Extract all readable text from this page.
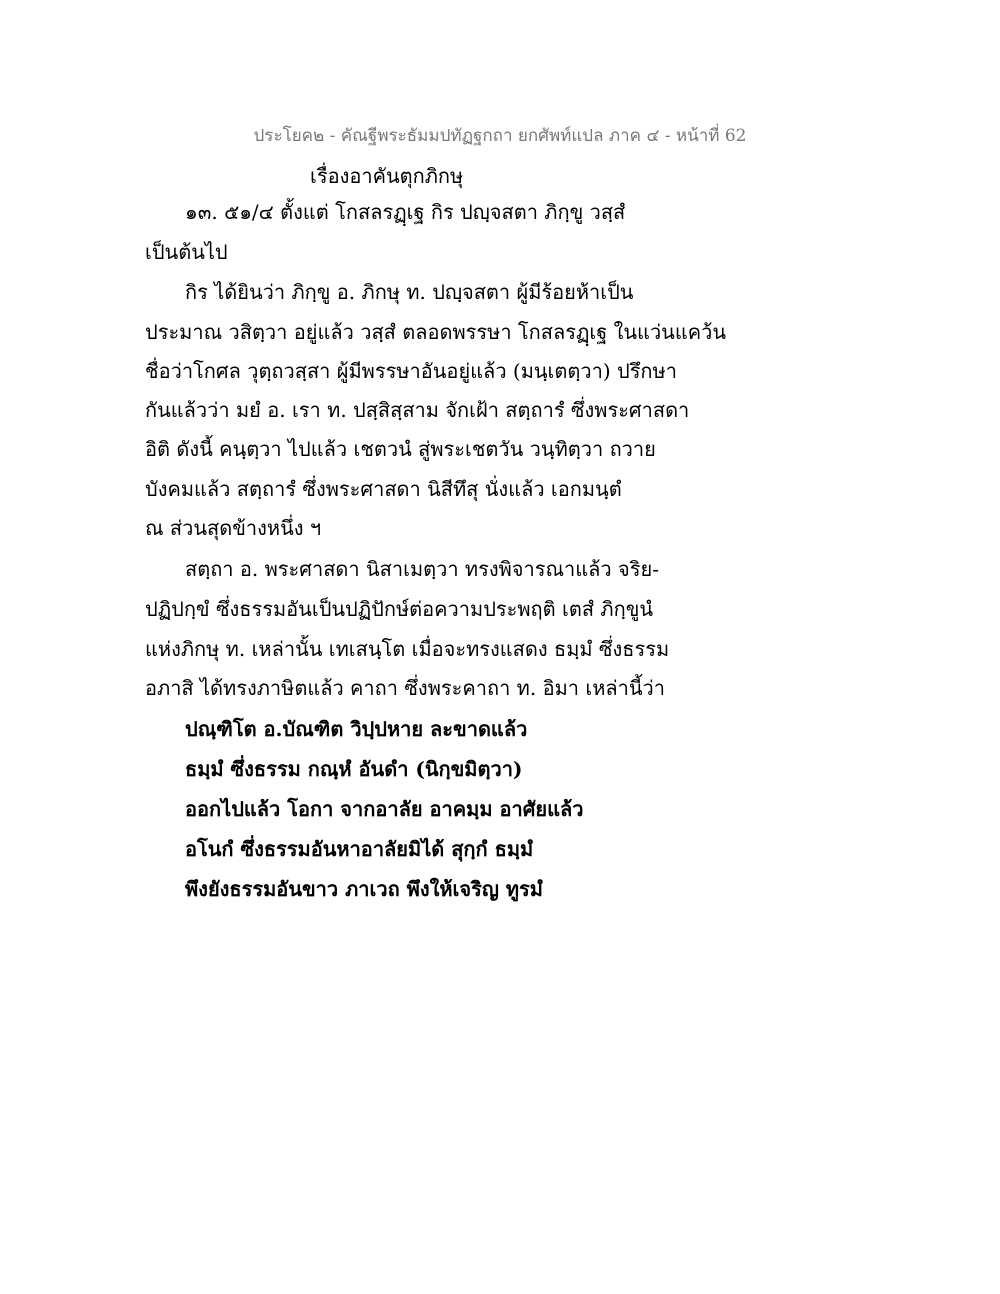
ประโยค๒ - คัณฐีพระธัมมปทัฏฐกถา ยกศัพท์แปล ภาค ๔ - หน้าที่ 62
เรื่องอาคันตุกภิกษุ
๑๓. ๕๑/๔ ตั้งแต่ โกสลรฏฺเฐ กิร ปญฺจสตา ภิกฺขู วสฺสํ
เป็นต้นไป
กิร ได้ยินว่า ภิกฺขู อ. ภิกษุ ท. ปญฺจสตา ผู้มีร้อยห้าเป็น
ประมาณ วสิตฺวา อยู่แล้ว วสฺสํ ตลอดพรรษา โกสลรฏฺเฐ ในแว่นแคว้น
ชื่อว่าโกศล วุตฺถวสฺสา ผู้มีพรรษาอันอยู่แล้ว (มนฺเตตฺวา) ปรึกษา
กันแล้วว่า มยํ อ. เรา ท. ปสฺสิสฺสาม จักเฝ้า สตฺถารํ ซึ่งพระศาสดา
อิติ ดังนี้ คนฺตฺวา ไปแล้ว เชตวนํ สู่พระเชตวัน วนฺทิตฺวา ถวาย
บังคมแล้ว สตฺถารํ ซึ่งพระศาสดา นิสีทึสุ นั่งแล้ว เอกมนฺตํ
ณ ส่วนสุดข้างหนึ่ง ฯ
สตฺถา อ. พระศาสดา นิสาเมตฺวา ทรงพิจารณาแล้ว จริย-
ปฏิปกฺขํ ซึ่งธรรมอันเป็นปฏิปักษ์ต่อความประพฤติ เตสํ ภิกฺขูนํ
แห่งภิกษุ ท. เหล่านั้น เทเสนฺโต เมื่อจะทรงแสดง ธมฺมํ ซึ่งธรรม
อภาสิ ได้ทรงภาษิตแล้ว คาถา ซึ่งพระคาถา ท. อิมา เหล่านี้ว่า
ปณฺฑิโต อ.บัณฑิต วิปฺปหาย ละขาดแล้ว
ธมฺมํ ซึ่งธรรม กณฺหํ อันดำ (นิกฺขมิตฺวา)
ออกไปแล้ว โอกา จากอาลัย อาคมฺม อาศัยแล้ว
อโนกํ ซึ่งธรรมอันหาอาลัยมิได้ สุกฺกํ ธมฺมํ
พึงยังธรรมอันขาว ภาเวถ พึงให้เจริญ ทูรมํ
